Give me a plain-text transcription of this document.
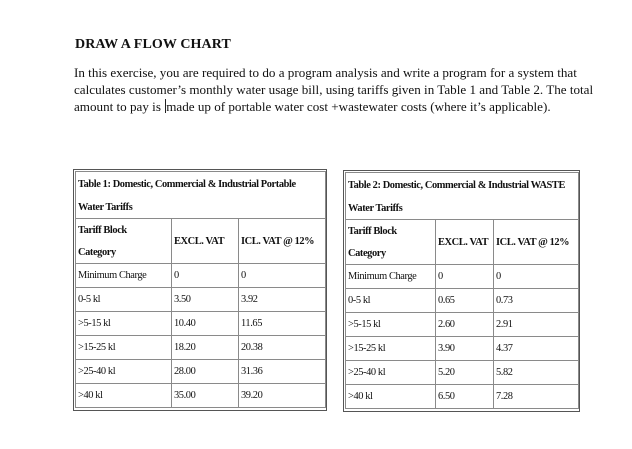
DRAW A FLOW CHART
In this exercise, you are required to do a program analysis and write a program for a system that calculates customer’s monthly water usage bill, using tariffs given in Table 1 and Table 2. The total amount to pay is made up of portable water cost +wastewater costs (where it’s applicable).
Table 1: Domestic, Commercial & Industrial Portable		
Water Tariffs		
Tariff Block	EXCL. VAT	ICL. VAT @ 12%
Category		
Minimum Charge	0	0
0-5 kl	3.50	3.92
>5-15 kl	10.40	11.65
>15-25 kl	18.20	20.38
>25-40 kl	28.00	31.36
>40 kl	35.00	39.20
Table 2: Domestic, Commercial & Industrial WASTE		
Water Tariffs		
Tariff Block	EXCL. VAT	ICL. VAT @ 12%
Category		
Minimum Charge	0	0
0-5 kl	0.65	0.73
>5-15 kl	2.60	2.91
>15-25 kl	3.90	4.37
>25-40 kl	5.20	5.82
>40 kl	6.50	7.28
